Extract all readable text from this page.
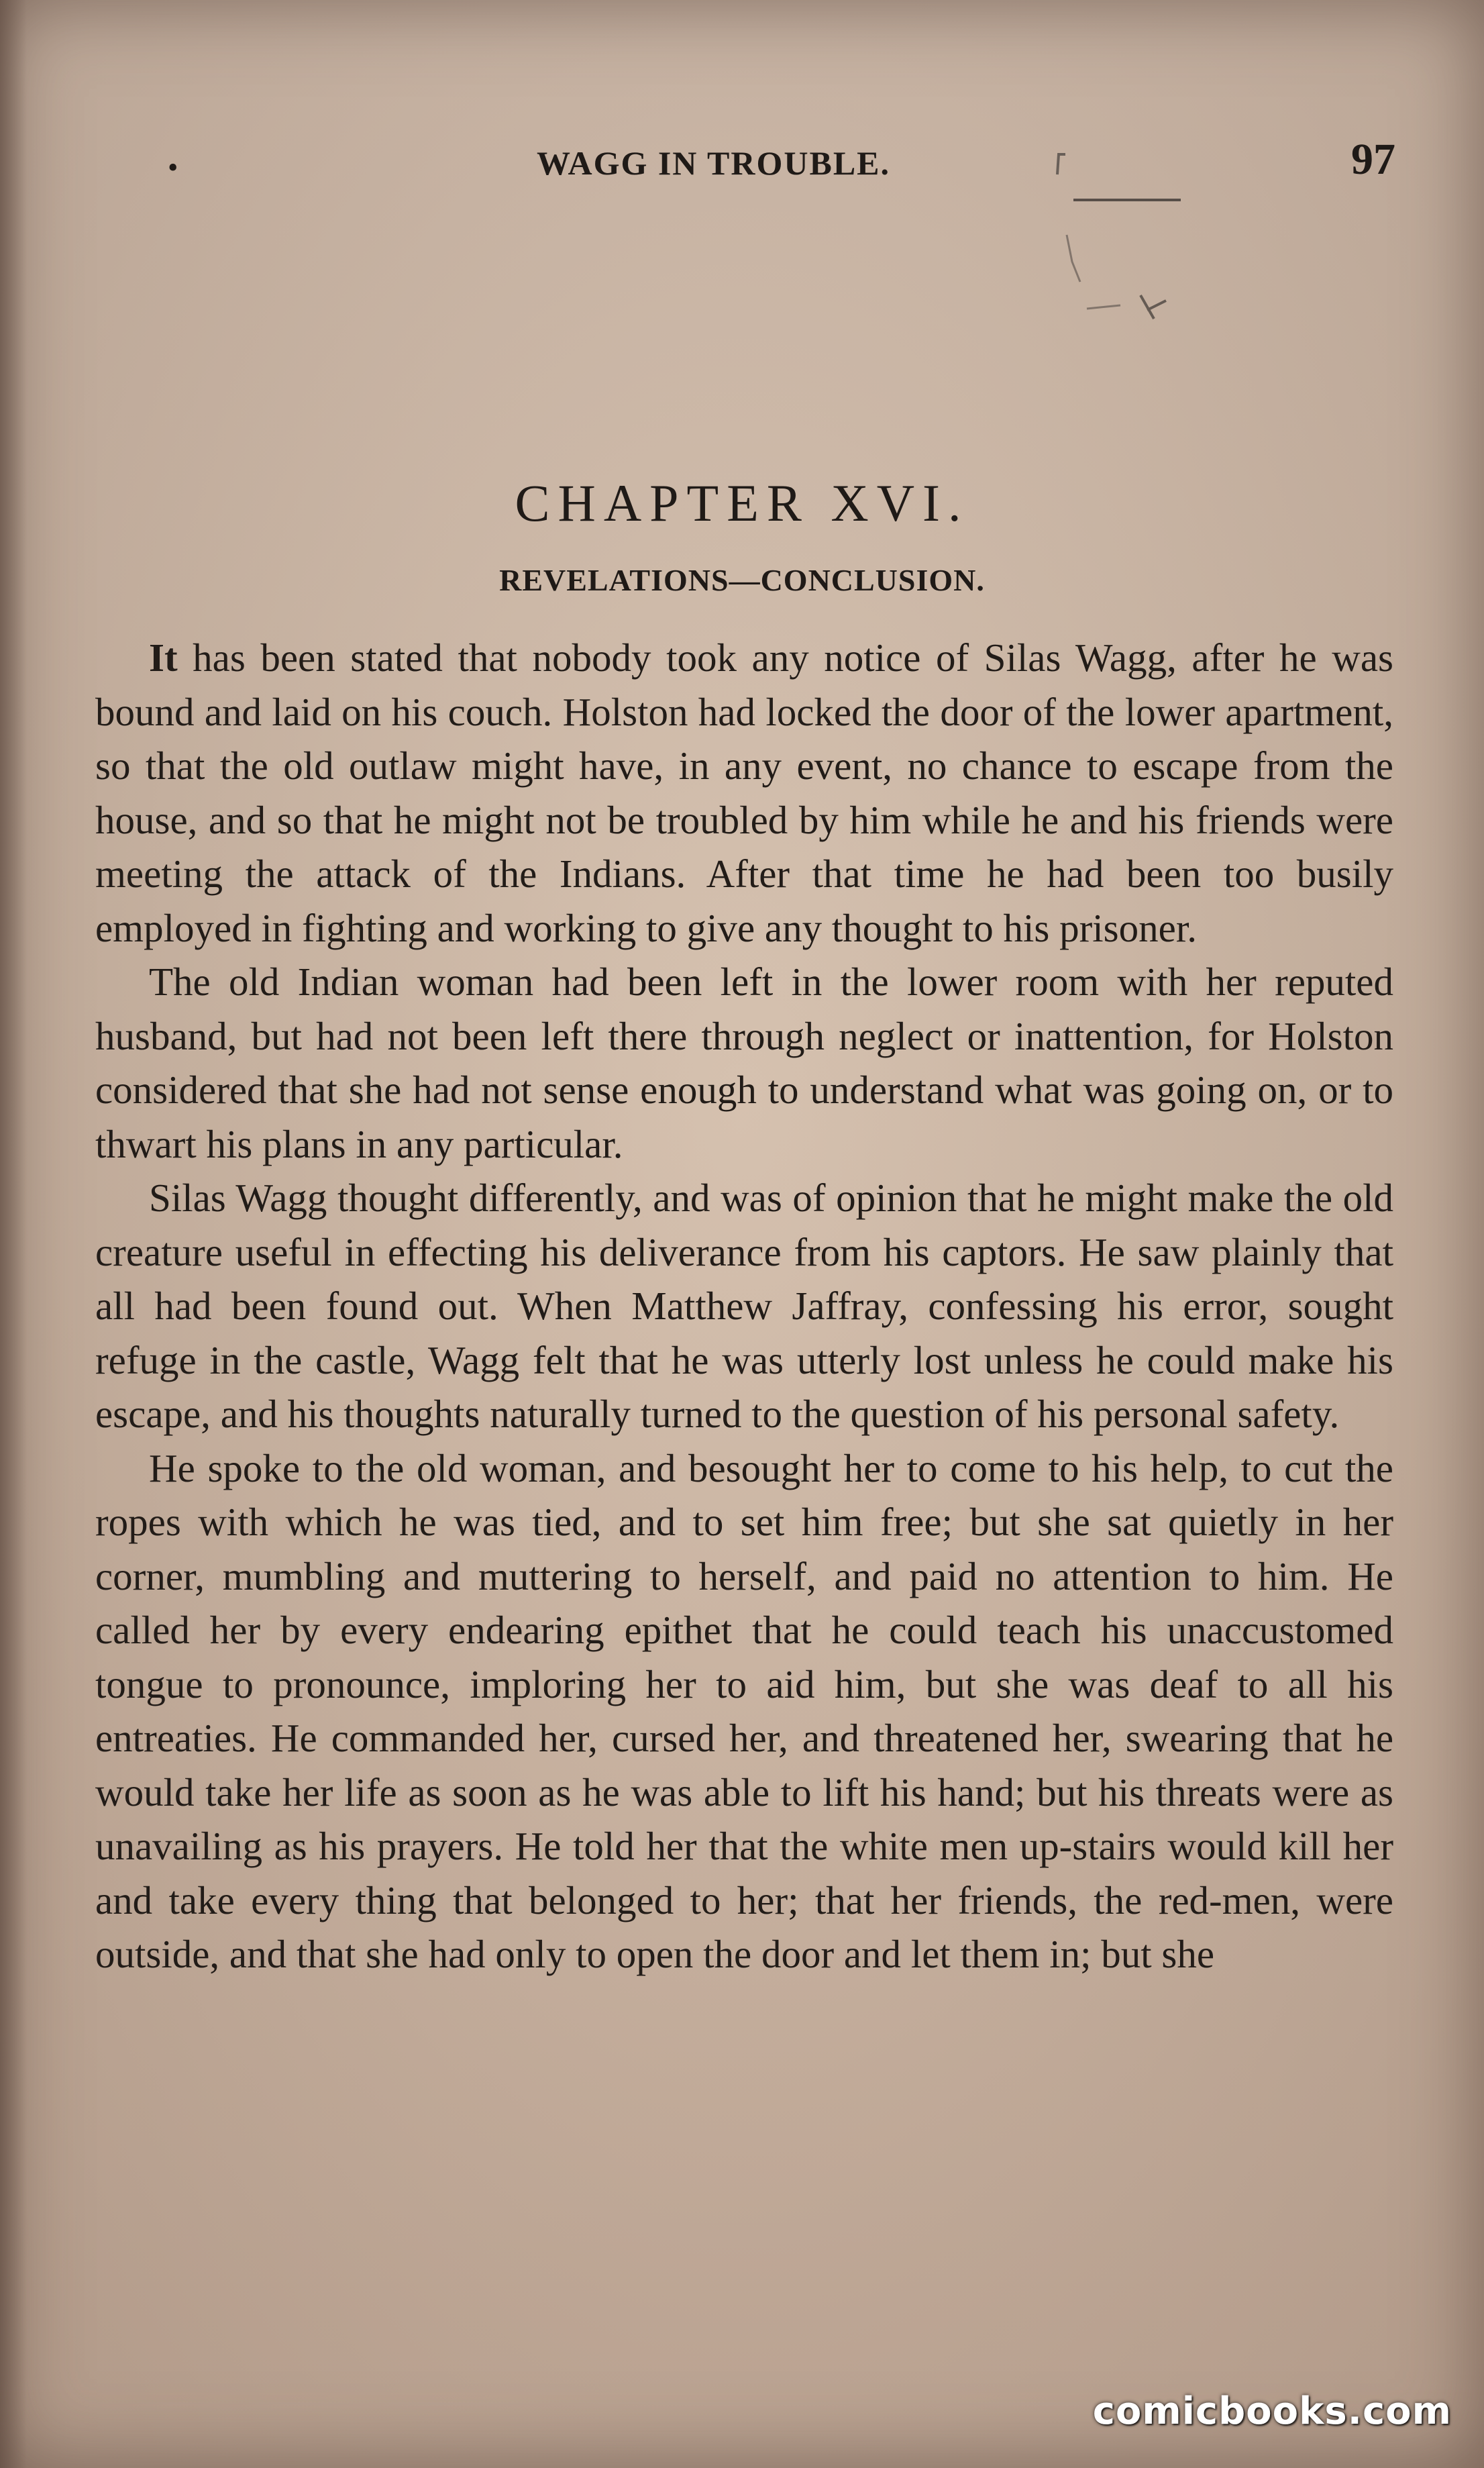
•	WAGG IN TROUBLE.	97
CHAPTER XVI.
REVELATIONS—CONCLUSION.

It has been stated that nobody took any notice of Silas Wagg, after he was bound and laid on his couch. Holston had locked the door of the lower apartment, so that the old outlaw might have, in any event, no chance to escape from the house, and so that he might not be troubled by him while he and his friends were meeting the attack of the Indians. After that time he had been too busily employed in fighting and working to give any thought to his prisoner.

The old Indian woman had been left in the lower room with her reputed husband, but had not been left there through neglect or inattention, for Holston considered that she had not sense enough to understand what was going on, or to thwart his plans in any particular.

Silas Wagg thought differently, and was of opinion that he might make the old creature useful in effecting his deliverance from his captors. He saw plainly that all had been found out. When Matthew Jaffray, confessing his error, sought refuge in the castle, Wagg felt that he was utterly lost unless he could make his escape, and his thoughts naturally turned to the question of his personal safety.

He spoke to the old woman, and besought her to come to his help, to cut the ropes with which he was tied, and to set him free; but she sat quietly in her corner, mumbling and muttering to herself, and paid no attention to him. He called her by every endearing epithet that he could teach his unaccustomed tongue to pronounce, imploring her to aid him, but she was deaf to all his entreaties. He commanded her, cursed her, and threatened her, swearing that he would take her life as soon as he was able to lift his hand; but his threats were as unavailing as his prayers. He told her that the white men up-stairs would kill her and take every thing that belonged to her; that her friends, the red-men, were outside, and that she had only to open the door and let them in; but she

comicbooks.com
